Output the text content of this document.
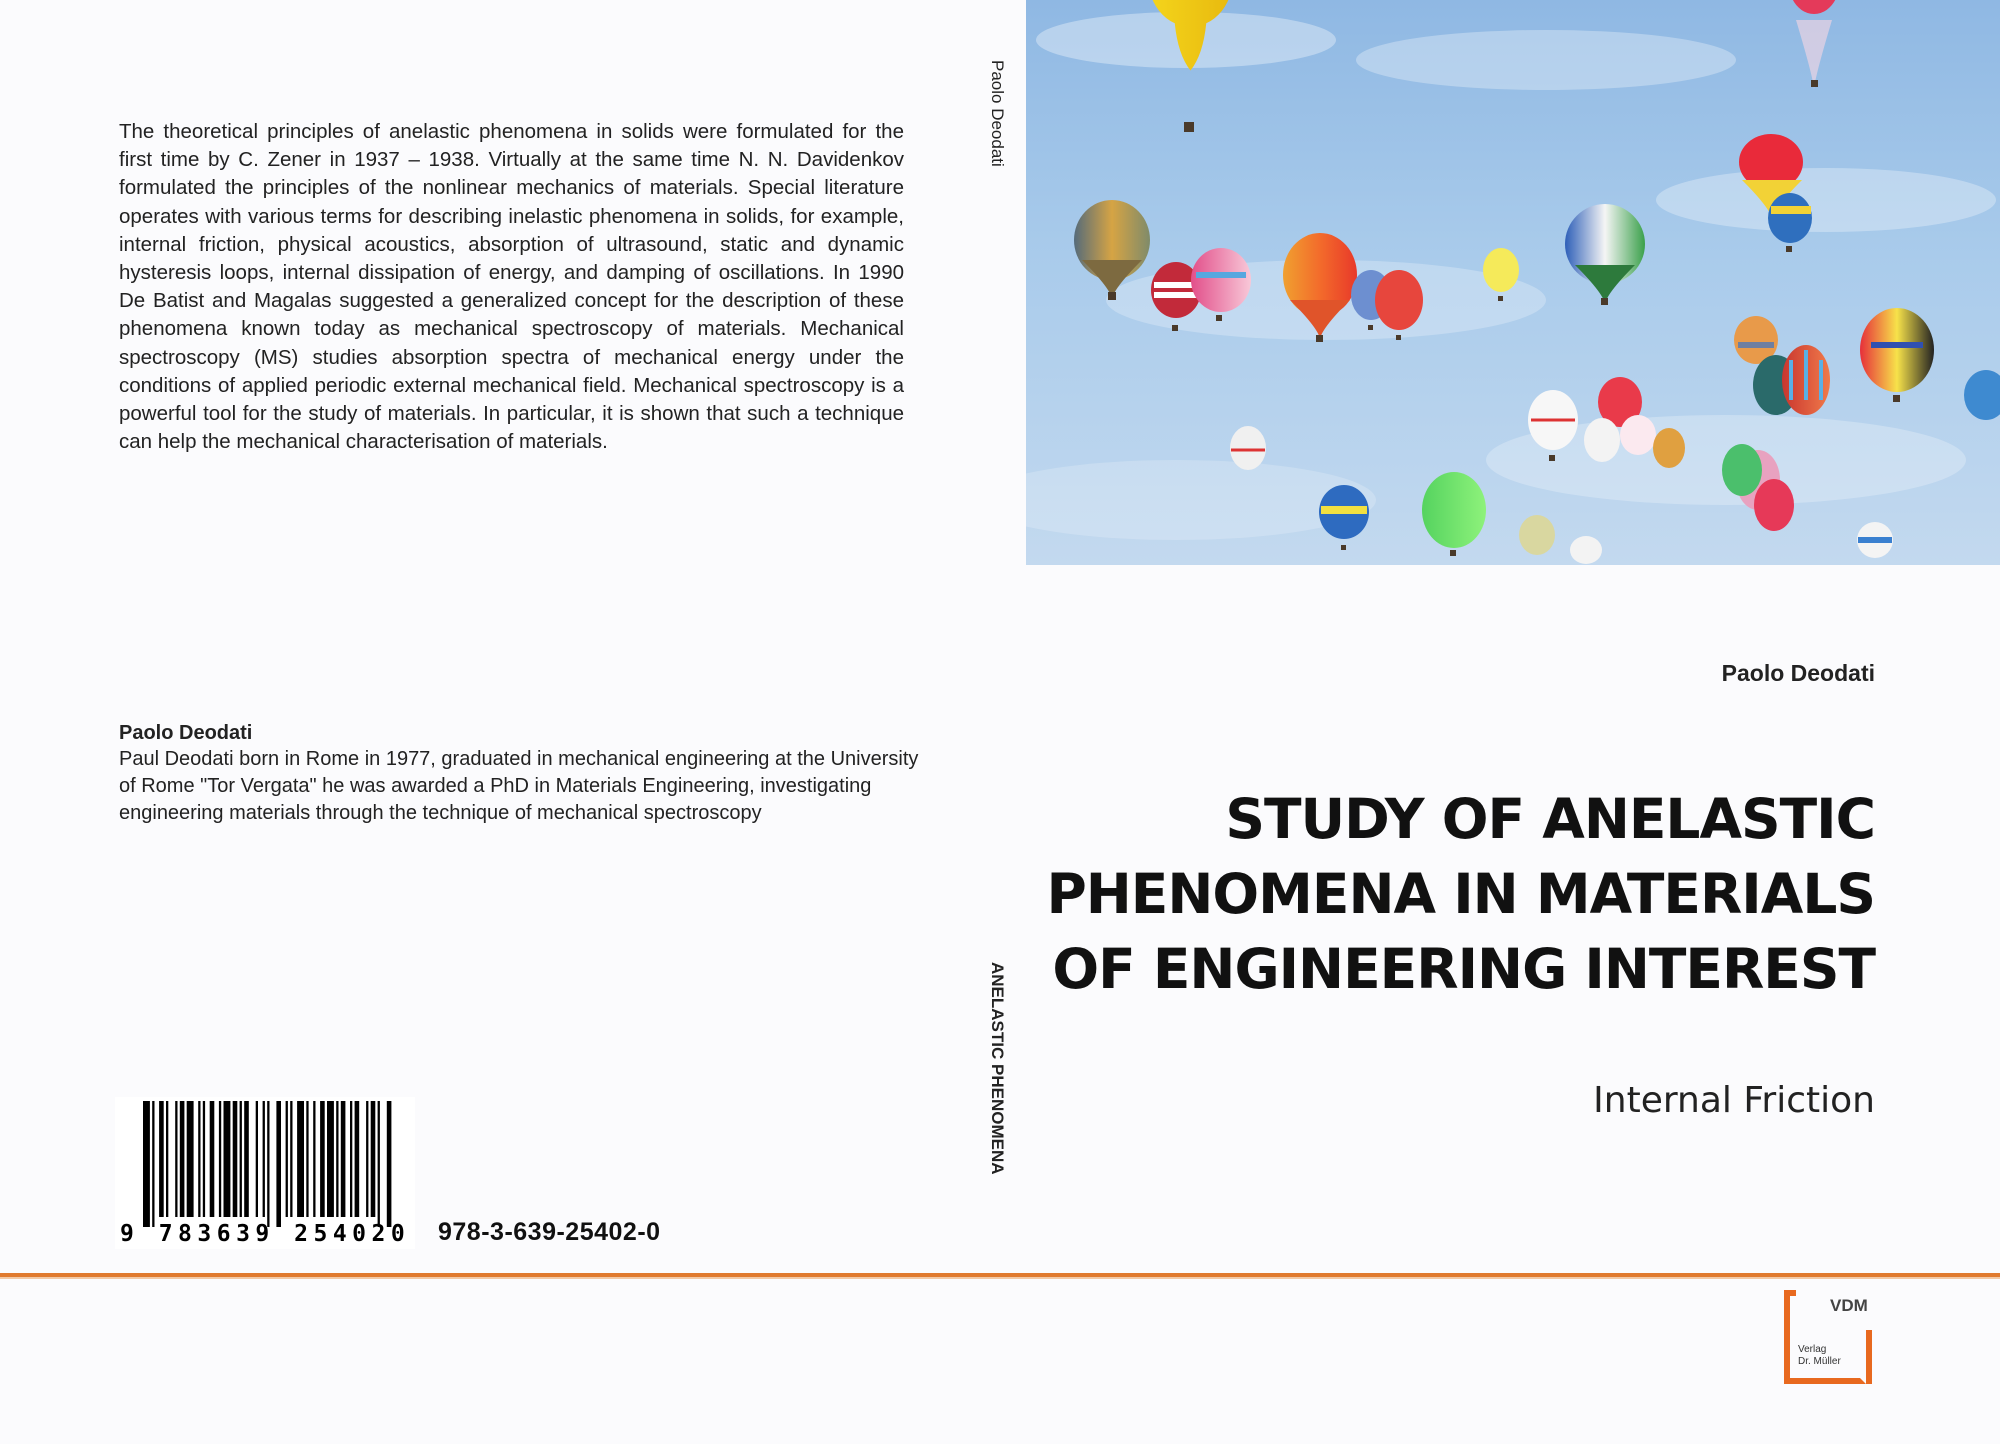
The theoretical principles of anelastic phenomena in solids were formulated for the first time by C. Zener in 1937 – 1938. Virtually at the same time N. N. Davidenkov formulated the principles of the nonlinear mechanics of materials. Special literature operates with various terms for describing inelastic phenomena in solids, for example, internal friction, physical acoustics, absorption of ultrasound, static and dynamic hysteresis loops, internal dissipation of energy, and damping of oscillations. In 1990 De Batist and Magalas suggested a generalized concept for the description of these phenomena known today as mechanical spectroscopy of materials. Mechanical spectroscopy (MS) studies absorption spectra of mechanical energy under the conditions of applied periodic external mechanical field. Mechanical spectroscopy is a powerful tool for the study of materials. In particular, it is shown that such a technique can help the mechanical characterisation of materials.
Paolo Deodati
Paul Deodati born in Rome in 1977, graduated in mechanical engineering at the University of Rome "Tor Vergata" he was awarded a PhD in Materials Engineering, investigating engineering materials through the technique of mechanical spectroscopy
9 783639 254020	978-3-639-25402-0
Paolo Deodati
ANELASTIC PHENOMENA
Paolo Deodati
STUDY OF ANELASTIC PHENOMENA IN MATERIALS OF ENGINEERING INTEREST
Internal Friction
VDM
Verlag
Dr. Müller
